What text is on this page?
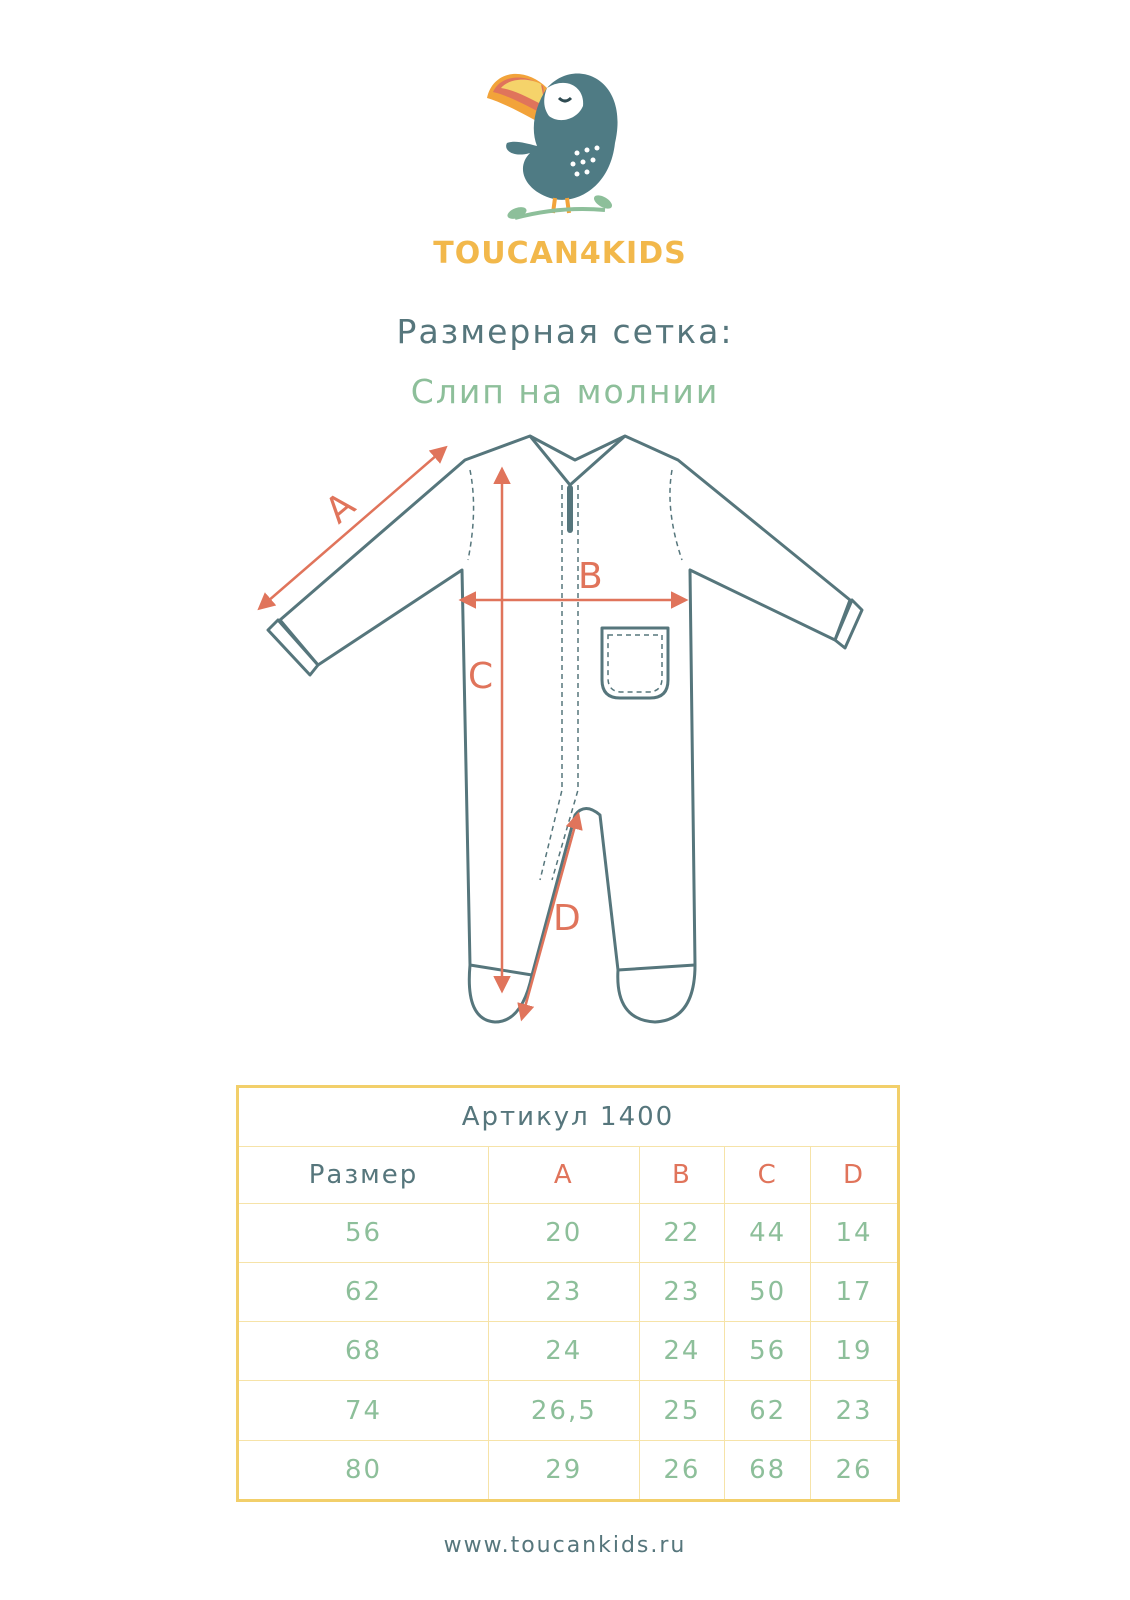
TOUCAN4KIDS
Размерная сетка:
Слип на молнии
A
B
C
D
Артикул 1400				
Размер	A	B	C	D
56	20	22	44	14
62	23	23	50	17
68	24	24	56	19
74	26,5	25	62	23
80	29	26	68	26
www.toucankids.ru
